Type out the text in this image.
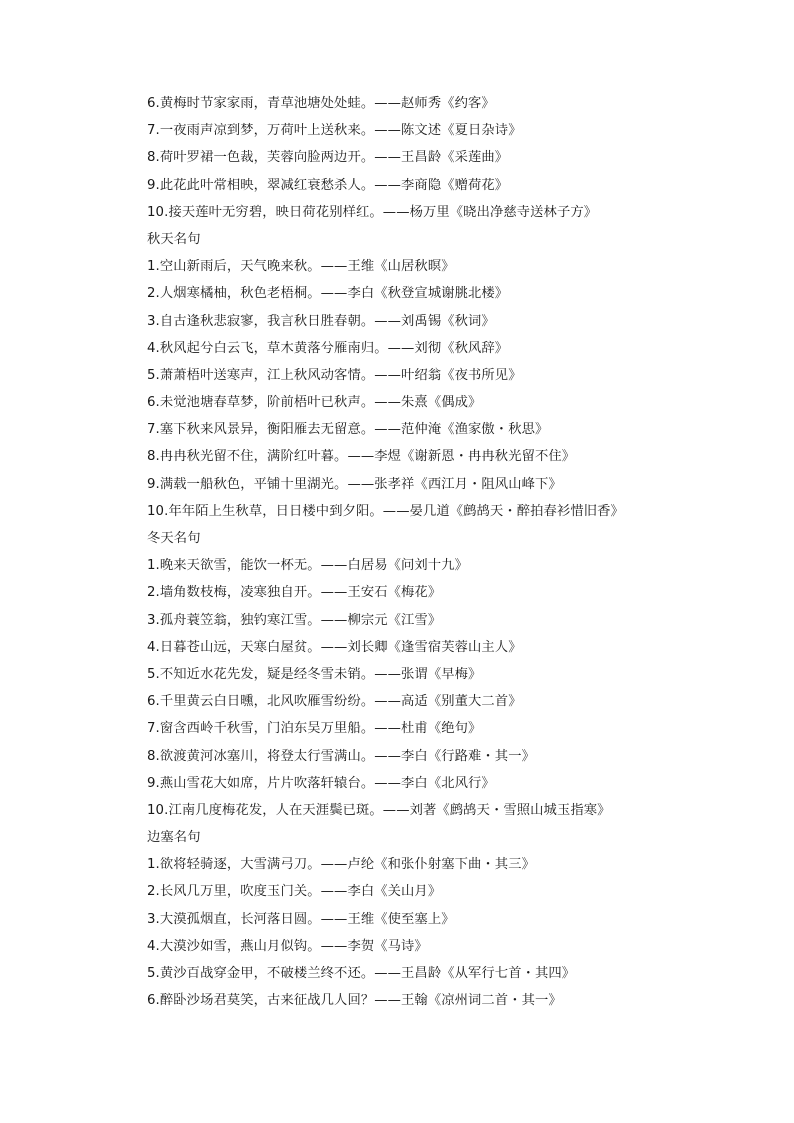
6.黄梅时节家家雨，青草池塘处处蛙。——赵师秀《约客》
7.一夜雨声凉到梦，万荷叶上送秋来。——陈文述《夏日杂诗》
8.荷叶罗裙一色裁，芙蓉向脸两边开。——王昌龄《采莲曲》
9.此花此叶常相映，翠减红衰愁杀人。——李商隐《赠荷花》
10.接天莲叶无穷碧，映日荷花别样红。——杨万里《晓出净慈寺送林子方》
秋天名句
1.空山新雨后，天气晚来秋。——王维《山居秋暝》
2.人烟寒橘柚，秋色老梧桐。——李白《秋登宣城谢朓北楼》
3.自古逢秋悲寂寥，我言秋日胜春朝。——刘禹锡《秋词》
4.秋风起兮白云飞，草木黄落兮雁南归。——刘彻《秋风辞》
5.萧萧梧叶送寒声，江上秋风动客情。——叶绍翁《夜书所见》
6.未觉池塘春草梦，阶前梧叶已秋声。——朱熹《偶成》
7.塞下秋来风景异，衡阳雁去无留意。——范仲淹《渔家傲・秋思》
8.冉冉秋光留不住，满阶红叶暮。——李煜《谢新恩・冉冉秋光留不住》
9.满载一船秋色，平铺十里湖光。——张孝祥《西江月・阻风山峰下》
10.年年陌上生秋草，日日楼中到夕阳。——晏几道《鹧鸪天・醉拍春衫惜旧香》
冬天名句
1.晚来天欲雪，能饮一杯无。——白居易《问刘十九》
2.墙角数枝梅，凌寒独自开。——王安石《梅花》
3.孤舟蓑笠翁，独钓寒江雪。——柳宗元《江雪》
4.日暮苍山远，天寒白屋贫。——刘长卿《逢雪宿芙蓉山主人》
5.不知近水花先发，疑是经冬雪未销。——张谓《早梅》
6.千里黄云白日曛，北风吹雁雪纷纷。——高适《别董大二首》
7.窗含西岭千秋雪，门泊东吴万里船。——杜甫《绝句》
8.欲渡黄河冰塞川，将登太行雪满山。——李白《行路难・其一》
9.燕山雪花大如席，片片吹落轩辕台。——李白《北风行》
10.江南几度梅花发，人在天涯鬓已斑。——刘著《鹧鸪天・雪照山城玉指寒》
边塞名句
1.欲将轻骑逐，大雪满弓刀。——卢纶《和张仆射塞下曲・其三》
2.长风几万里，吹度玉门关。——李白《关山月》
3.大漠孤烟直，长河落日圆。——王维《使至塞上》
4.大漠沙如雪，燕山月似钩。——李贺《马诗》
5.黄沙百战穿金甲，不破楼兰终不还。——王昌龄《从军行七首・其四》
6.醉卧沙场君莫笑，古来征战几人回？——王翰《凉州词二首・其一》
